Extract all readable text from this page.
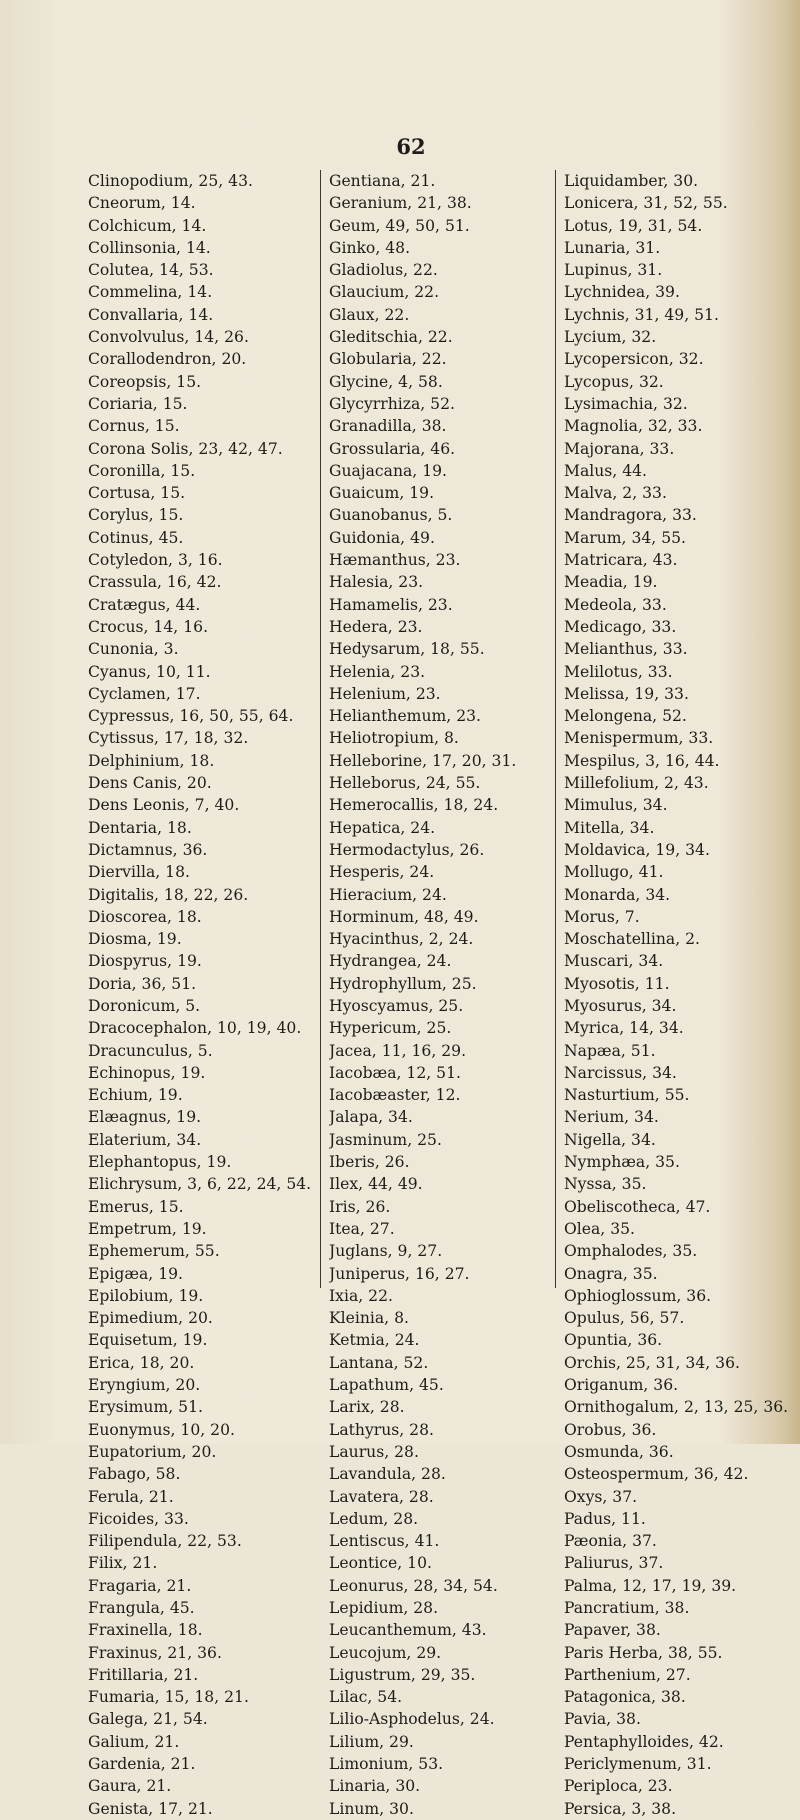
62
Clinopodium, 25, 43.
Cneorum, 14.
Colchicum, 14.
Collinsonia, 14.
Colutea, 14, 53.
Commelina, 14.
Convallaria, 14.
Convolvulus, 14, 26.
Corallodendron, 20.
Coreopsis, 15.
Coriaria, 15.
Cornus, 15.
Corona Solis, 23, 42, 47.
Coronilla, 15.
Cortusa, 15.
Corylus, 15.
Cotinus, 45.
Cotyledon, 3, 16.
Crassula, 16, 42.
Cratægus, 44.
Crocus, 14, 16.
Cunonia, 3.
Cyanus, 10, 11.
Cyclamen, 17.
Cypressus, 16, 50, 55, 64.
Cytissus, 17, 18, 32.
Delphinium, 18.
Dens Canis, 20.
Dens Leonis, 7, 40.
Dentaria, 18.
Dictamnus, 36.
Diervilla, 18.
Digitalis, 18, 22, 26.
Dioscorea, 18.
Diosma, 19.
Diospyrus, 19.
Doria, 36, 51.
Doronicum, 5.
Dracocephalon, 10, 19, 40.
Dracunculus, 5.
Echinopus, 19.
Echium, 19.
Elæagnus, 19.
Elaterium, 34.
Elephantopus, 19.
Elichrysum, 3, 6, 22, 24, 54.
Emerus, 15.
Empetrum, 19.
Ephemerum, 55.
Epigæa, 19.
Epilobium, 19.
Epimedium, 20.
Equisetum, 19.
Erica, 18, 20.
Eryngium, 20.
Erysimum, 51.
Euonymus, 10, 20.
Eupatorium, 20.
Fabago, 58.
Ferula, 21.
Ficoides, 33.
Filipendula, 22, 53.
Filix, 21.
Fragaria, 21.
Frangula, 45.
Fraxinella, 18.
Fraxinus, 21, 36.
Fritillaria, 21.
Fumaria, 15, 18, 21.
Galega, 21, 54.
Galium, 21.
Gardenia, 21.
Gaura, 21.
Genista, 17, 21.
Gentiana, 21.
Geranium, 21, 38.
Geum, 49, 50, 51.
Ginko, 48.
Gladiolus, 22.
Glaucium, 22.
Glaux, 22.
Gleditschia, 22.
Globularia, 22.
Glycine, 4, 58.
Glycyrrhiza, 52.
Granadilla, 38.
Grossularia, 46.
Guajacana, 19.
Guaicum, 19.
Guanobanus, 5.
Guidonia, 49.
Hæmanthus, 23.
Halesia, 23.
Hamamelis, 23.
Hedera, 23.
Hedysarum, 18, 55.
Helenia, 23.
Helenium, 23.
Helianthemum, 23.
Heliotropium, 8.
Helleborine, 17, 20, 31.
Helleborus, 24, 55.
Hemerocallis, 18, 24.
Hepatica, 24.
Hermodactylus, 26.
Hesperis, 24.
Hieracium, 24.
Horminum, 48, 49.
Hyacinthus, 2, 24.
Hydrangea, 24.
Hydrophyllum, 25.
Hyoscyamus, 25.
Hypericum, 25.
Jacea, 11, 16, 29.
Iacobæa, 12, 51.
Iacobæaster, 12.
Jalapa, 34.
Jasminum, 25.
Iberis, 26.
Ilex, 44, 49.
Iris, 26.
Itea, 27.
Juglans, 9, 27.
Juniperus, 16, 27.
Ixia, 22.
Kleinia, 8.
Ketmia, 24.
Lantana, 52.
Lapathum, 45.
Larix, 28.
Lathyrus, 28.
Laurus, 28.
Lavandula, 28.
Lavatera, 28.
Ledum, 28.
Lentiscus, 41.
Leontice, 10.
Leonurus, 28, 34, 54.
Lepidium, 28.
Leucanthemum, 43.
Leucojum, 29.
Ligustrum, 29, 35.
Lilac, 54.
Lilio-Asphodelus, 24.
Lilium, 29.
Limonium, 53.
Linaria, 30.
Linum, 30.
Liquidamber, 30.
Lonicera, 31, 52, 55.
Lotus, 19, 31, 54.
Lunaria, 31.
Lupinus, 31.
Lychnidea, 39.
Lychnis, 31, 49, 51.
Lycium, 32.
Lycopersicon, 32.
Lycopus, 32.
Lysimachia, 32.
Magnolia, 32, 33.
Majorana, 33.
Malus, 44.
Malva, 2, 33.
Mandragora, 33.
Marum, 34, 55.
Matricara, 43.
Meadia, 19.
Medeola, 33.
Medicago, 33.
Melianthus, 33.
Melilotus, 33.
Melissa, 19, 33.
Melongena, 52.
Menispermum, 33.
Mespilus, 3, 16, 44.
Millefolium, 2, 43.
Mimulus, 34.
Mitella, 34.
Moldavica, 19, 34.
Mollugo, 41.
Monarda, 34.
Morus, 7.
Moschatellina, 2.
Muscari, 34.
Myosotis, 11.
Myosurus, 34.
Myrica, 14, 34.
Napæa, 51.
Narcissus, 34.
Nasturtium, 55.
Nerium, 34.
Nigella, 34.
Nymphæa, 35.
Nyssa, 35.
Obeliscotheca, 47.
Olea, 35.
Omphalodes, 35.
Onagra, 35.
Ophioglossum, 36.
Opulus, 56, 57.
Opuntia, 36.
Orchis, 25, 31, 34, 36.
Origanum, 36.
Ornithogalum, 2, 13, 25, 36.
Orobus, 36.
Osmunda, 36.
Osteospermum, 36, 42.
Oxys, 37.
Padus, 11.
Pæonia, 37.
Paliurus, 37.
Palma, 12, 17, 19, 39.
Pancratium, 38.
Papaver, 38.
Paris Herba, 38, 55.
Parthenium, 27.
Patagonica, 38.
Pavia, 38.
Pentaphylloides, 42.
Periclymenum, 31.
Periploca, 23.
Persica, 3, 38.
